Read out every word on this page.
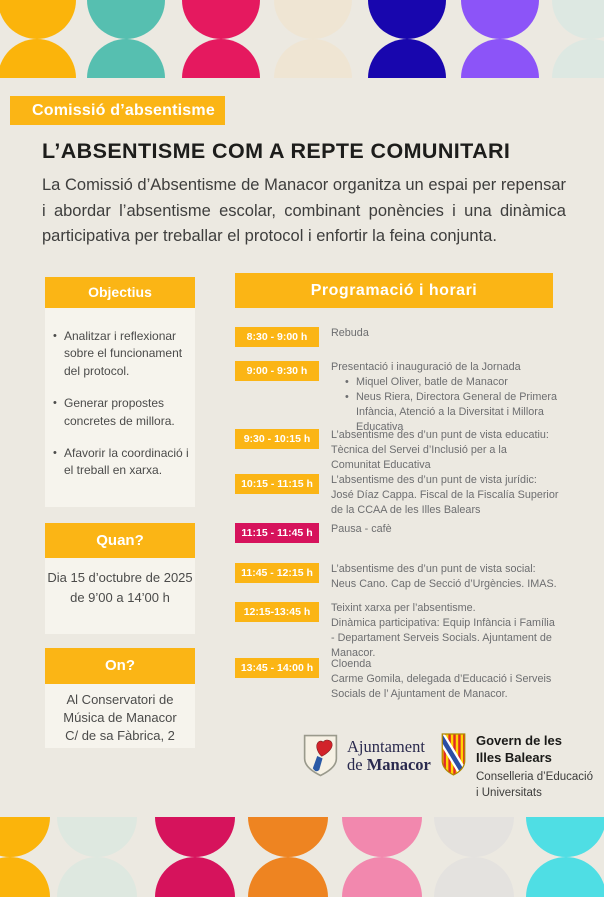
Comissió d’absentisme
L’ABSENTISME COM A REPTE COMUNITARI
La Comissió d’Absentisme de Manacor organitza un espai per repensar i abordar l’absentisme escolar, combinant ponències i una dinàmica participativa per treballar el protocol i enfortir la feina conjunta.
Objectius
• Analitzar i reflexionar sobre el funcionament del protocol.
• Generar propostes concretes de millora.
• Afavorir la coordinació i el treball en xarxa.
Quan?
Dia 15 d’octubre de 2025
de 9’00 a 14’00 h
On?
Al Conservatori de Música de Manacor
C/ de sa Fàbrica, 2
Programació i horari
8:30 - 9:00 h	Rebuda
9:00 - 9:30 h	Presentació i inauguració de la Jornada
• Miquel Oliver, batle de Manacor
• Neus Riera, Directora General de Primera Infància, Atenció a la Diversitat i Millora Educativa
9:30 - 10:15 h	L’absentisme des d’un punt de vista educatiu: Tècnica del Servei d’Inclusió per a la Comunitat Educativa
10:15 - 11:15 h	L’absentisme des d’un punt de vista jurídic: José Díaz Cappa. Fiscal de la Fiscalía Superior de la CCAA de les Illes Balears
11:15 - 11:45 h	Pausa - cafè
11:45 - 12:15 h	L’absentisme des d’un punt de vista social: Neus Cano. Cap de Secció d’Urgències. IMAS.
12:15-13:45 h	Teixint xarxa per l’absentisme.
Dinàmica participativa: Equip Infància i Família - Departament Serveis Socials. Ajuntament de Manacor.
13:45 - 14:00 h	Cloenda
Carme Gomila, delegada d’Educació i Serveis Socials de l’ Ajuntament de Manacor.
Ajuntament
de Manacor
Govern de les
Illes Balears
Conselleria d’Educació
i Universitats
